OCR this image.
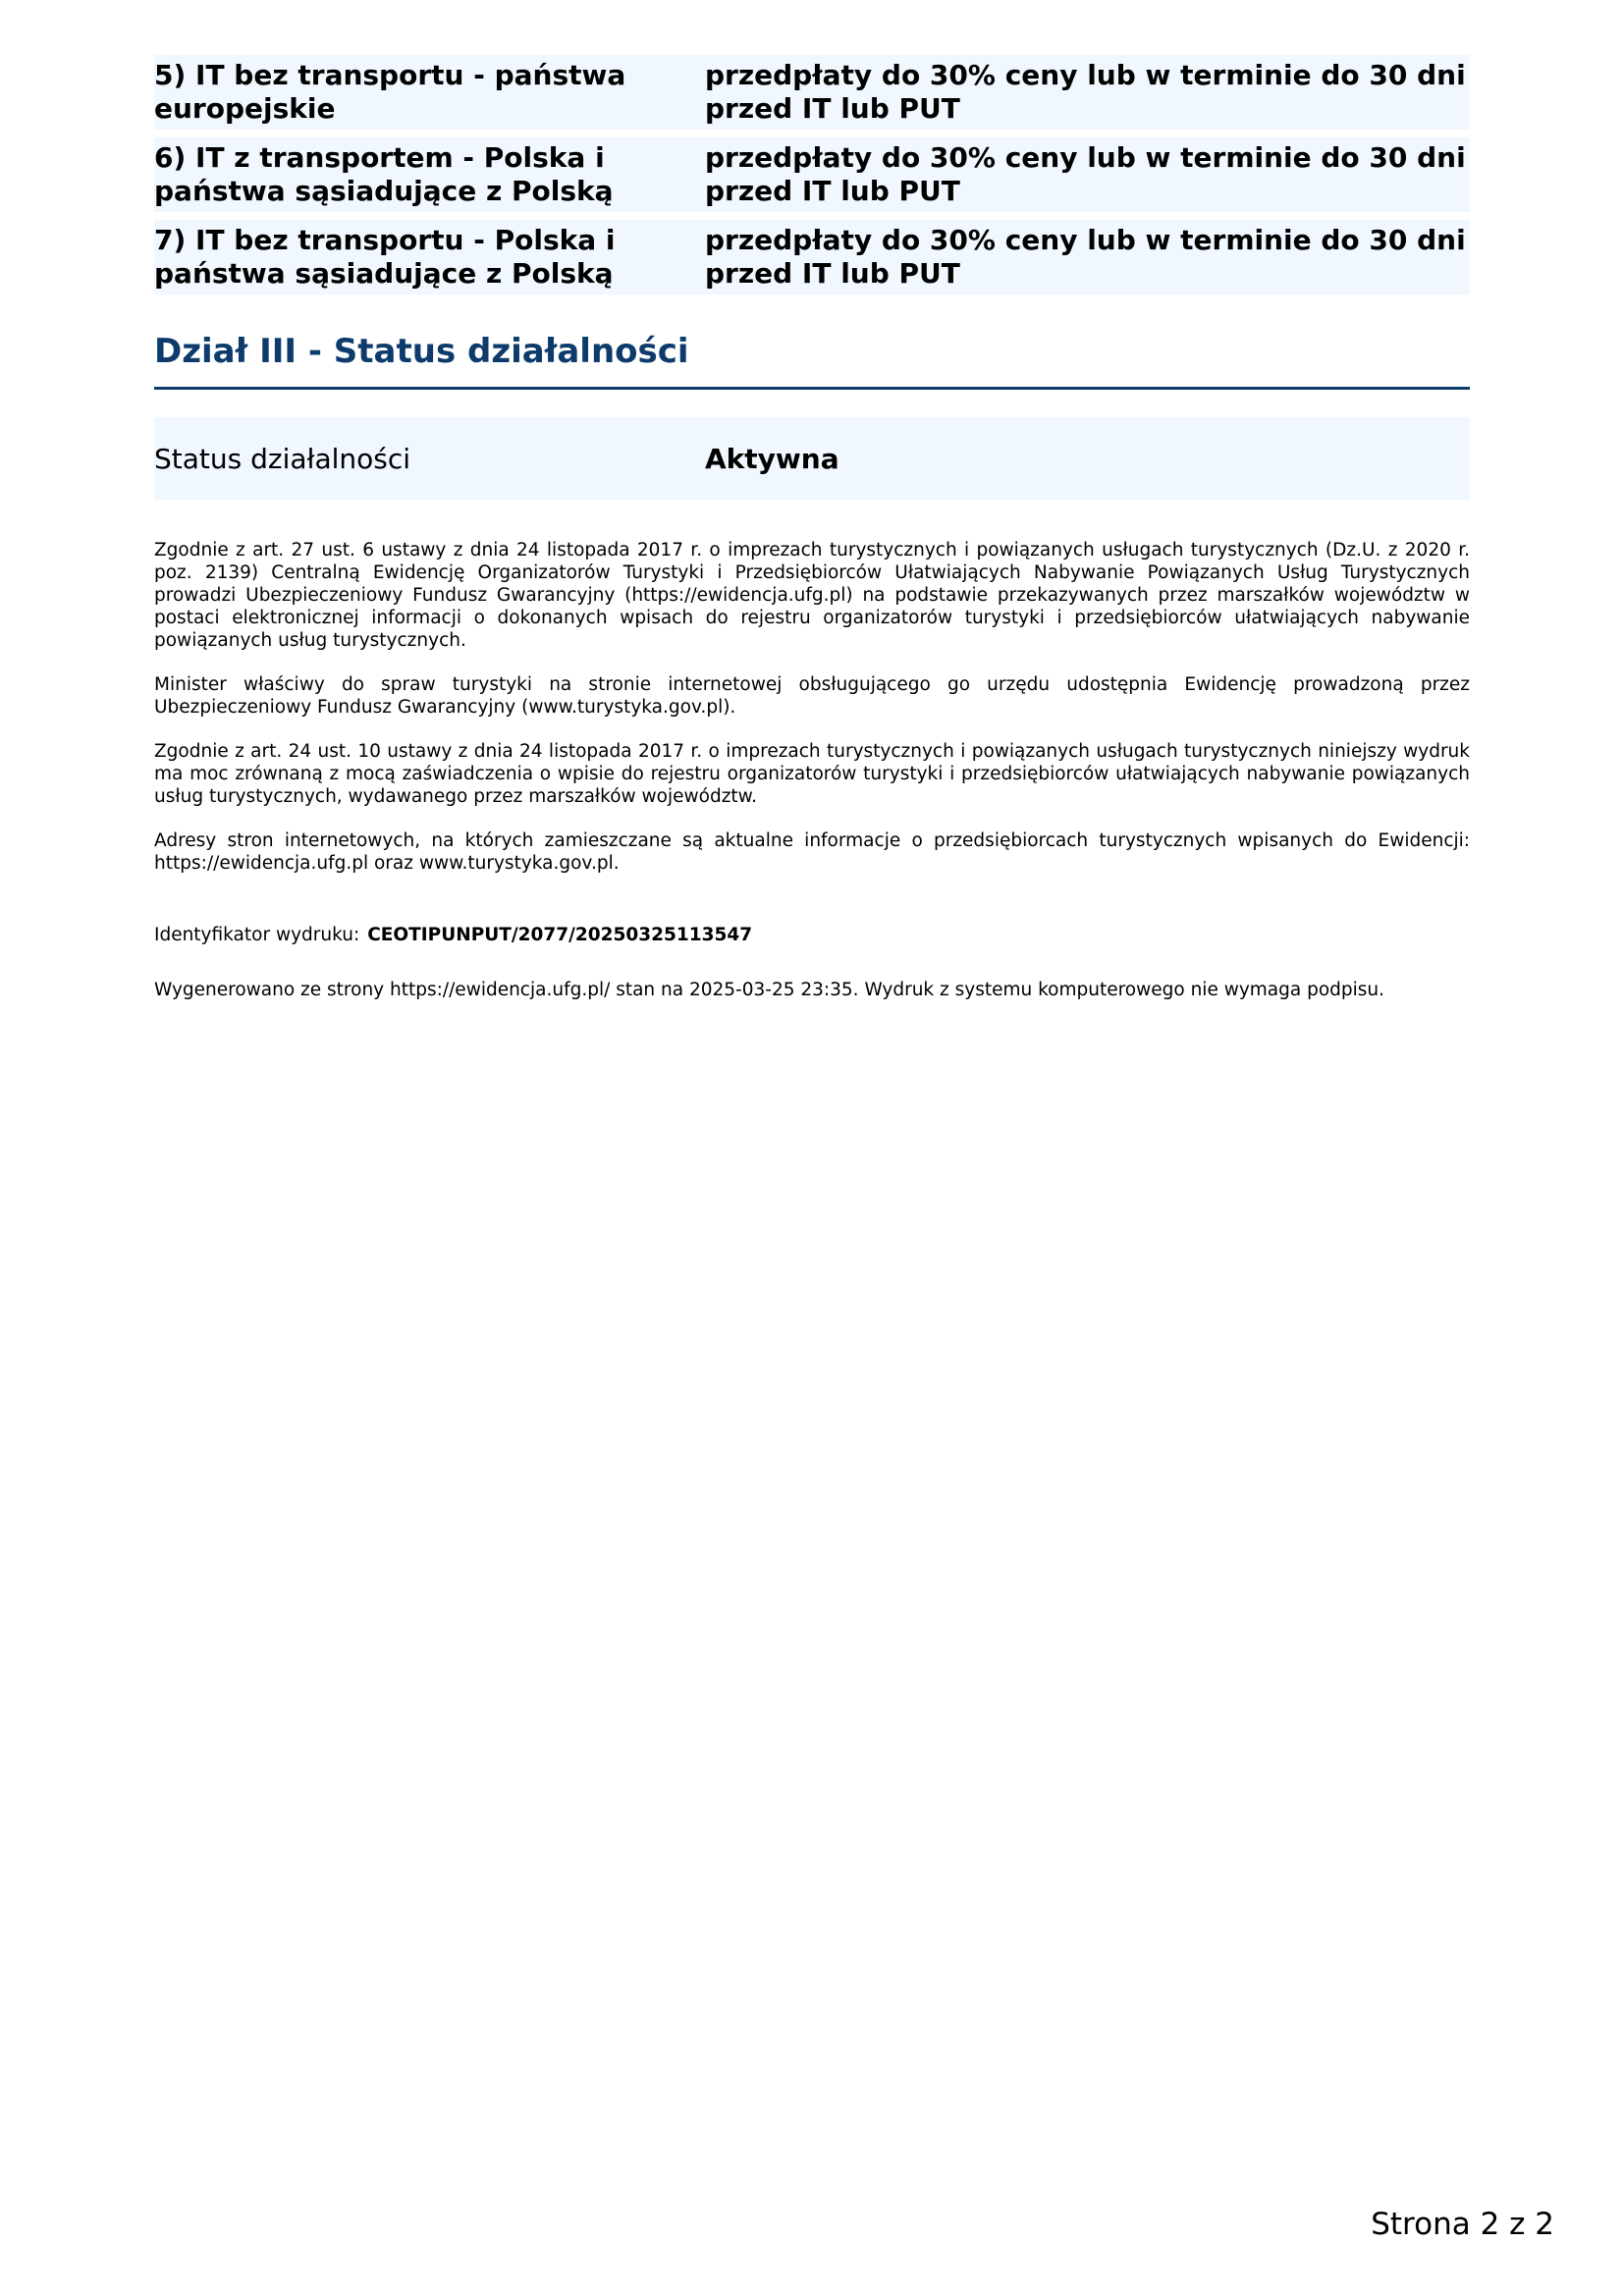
5) IT bez transportu - państwa europejskie
przedpłaty do 30% ceny lub w terminie do 30 dni przed IT lub PUT
6) IT z transportem - Polska i państwa sąsiadujące z Polską
przedpłaty do 30% ceny lub w terminie do 30 dni przed IT lub PUT
7) IT bez transportu - Polska i państwa sąsiadujące z Polską
przedpłaty do 30% ceny lub w terminie do 30 dni przed IT lub PUT
Dział III - Status działalności
Status działalności	Aktywna

Zgodnie z art. 27 ust. 6 ustawy z dnia 24 listopada 2017 r. o imprezach turystycznych i powiązanych usługach turystycznych (Dz.U. z 2020 r. poz. 2139) Centralną Ewidencję Organizatorów Turystyki i Przedsiębiorców Ułatwiających Nabywanie Powiązanych Usług Turystycznych prowadzi Ubezpieczeniowy Fundusz Gwarancyjny (https://ewidencja.ufg.pl) na podstawie przekazywanych przez marszałków województw w postaci elektronicznej informacji o dokonanych wpisach do rejestru organizatorów turystyki i przedsiębiorców ułatwiających nabywanie powiązanych usług turystycznych.

Minister właściwy do spraw turystyki na stronie internetowej obsługującego go urzędu udostępnia Ewidencję prowadzoną przez Ubezpieczeniowy Fundusz Gwarancyjny (www.turystyka.gov.pl).

Zgodnie z art. 24 ust. 10 ustawy z dnia 24 listopada 2017 r. o imprezach turystycznych i powiązanych usługach turystycznych niniejszy wydruk ma moc zrównaną z mocą zaświadczenia o wpisie do rejestru organizatorów turystyki i przedsiębiorców ułatwiających nabywanie powiązanych usług turystycznych, wydawanego przez marszałków województw.

Adresy stron internetowych, na których zamieszczane są aktualne informacje o przedsiębiorcach turystycznych wpisanych do Ewidencji: https://ewidencja.ufg.pl oraz www.turystyka.gov.pl.

Identyfikator wydruku: CEOTIPUNPUT/2077/20250325113547
Wygenerowano ze strony https://ewidencja.ufg.pl/ stan na 2025-03-25 23:35. Wydruk z systemu komputerowego nie wymaga podpisu.
Strona 2 z 2
